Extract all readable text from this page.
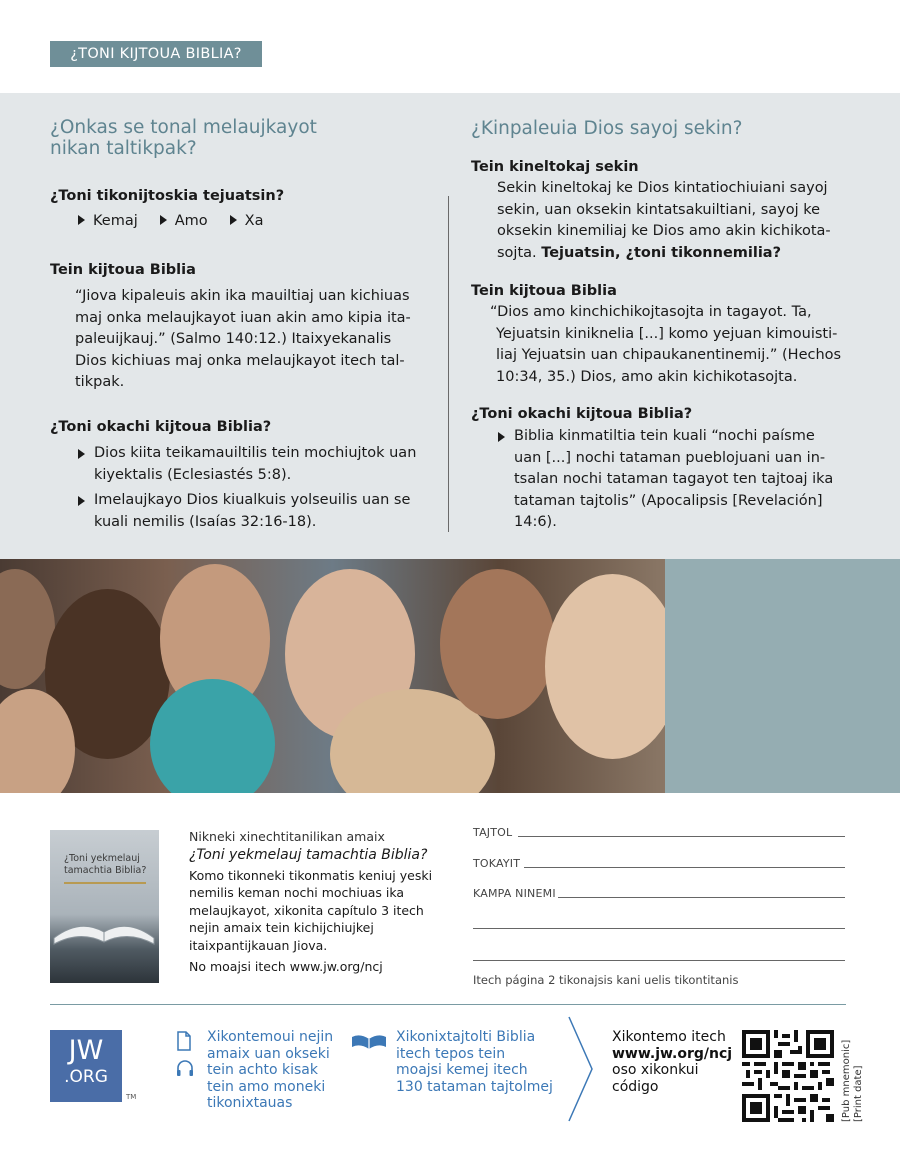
¿TONI KIJTOUA BIBLIA?
¿Onkas se tonal melaujkayot
nikan taltikpak?
¿Toni tikonijtoskia tejuatsin?
Kemaj	Amo	Xa
Tein kijtoua Biblia
“Jiova kipaleuis akin ika mauiltiaj uan kichiuas
maj onka melaujkayot iuan akin amo kipia ita-
paleuijkauj.” (Salmo 140:12.) Itaixyekanalis
Dios kichiuas maj onka melaujkayot itech tal-
tikpak.
¿Toni okachi kijtoua Biblia?
Dios kiita teikamauiltilis tein mochiujtok uan
kiyektalis (Eclesiastés 5:8).
Imelaujkayo Dios kiualkuis yolseuilis uan se
kuali nemilis (Isaías 32:16-18).
¿Kinpaleuia Dios sayoj sekin?
Tein kineltokaj sekin
Sekin kineltokaj ke Dios kintatiochiuiani sayoj
sekin, uan oksekin kintatsakuiltiani, sayoj ke
oksekin kinemiliaj ke Dios amo akin kichikota-
sojta. Tejuatsin, ¿toni tikonnemilia?
Tein kijtoua Biblia
“Dios amo kinchichikojtasojta in tagayot. Ta,
Yejuatsin kiniknelia [...] komo yejuan kimouisti-
liaj Yejuatsin uan chipaukanentinemij.” (Hechos
10:34, 35.) Dios, amo akin kichikotasojta.
¿Toni okachi kijtoua Biblia?
Biblia kinmatiltia tein kuali “nochi paísme
uan [...] nochi tataman pueblojuani uan in-
tsalan nochi tataman tagayot ten tajtoaj ika
tataman tajtolis” (Apocalipsis [Revelación]
14:6).
¿Toni yekmelauj
tamachtia Biblia?
Nikneki xinechtitanilikan amaix
¿Toni yekmelauj tamachtia Biblia?
Komo tikonneki tikonmatis keniuj yeski
nemilis keman nochi mochiuas ika
melaujkayot, xikonita capítulo 3 itech
nejin amaix tein kichijchiujkej
itaixpantijkauan Jiova.
No moajsi itech www.jw.org/ncj
TAJTOL
TOKAYIT
KAMPA NINEMI
Itech página 2 tikonajsis kani uelis tikontitanis
JW
.ORG
TM
Xikontemoui nejin
amaix uan okseki
tein achto kisak
tein amo moneki
tikonixtauas
Xikonixtajtolti Biblia
itech tepos tein
moajsi kemej itech
130 tataman tajtolmej
Xikontemo itech
www.jw.org/ncj
oso xikonkui
código	[Pub mnemonic] [Print date]
